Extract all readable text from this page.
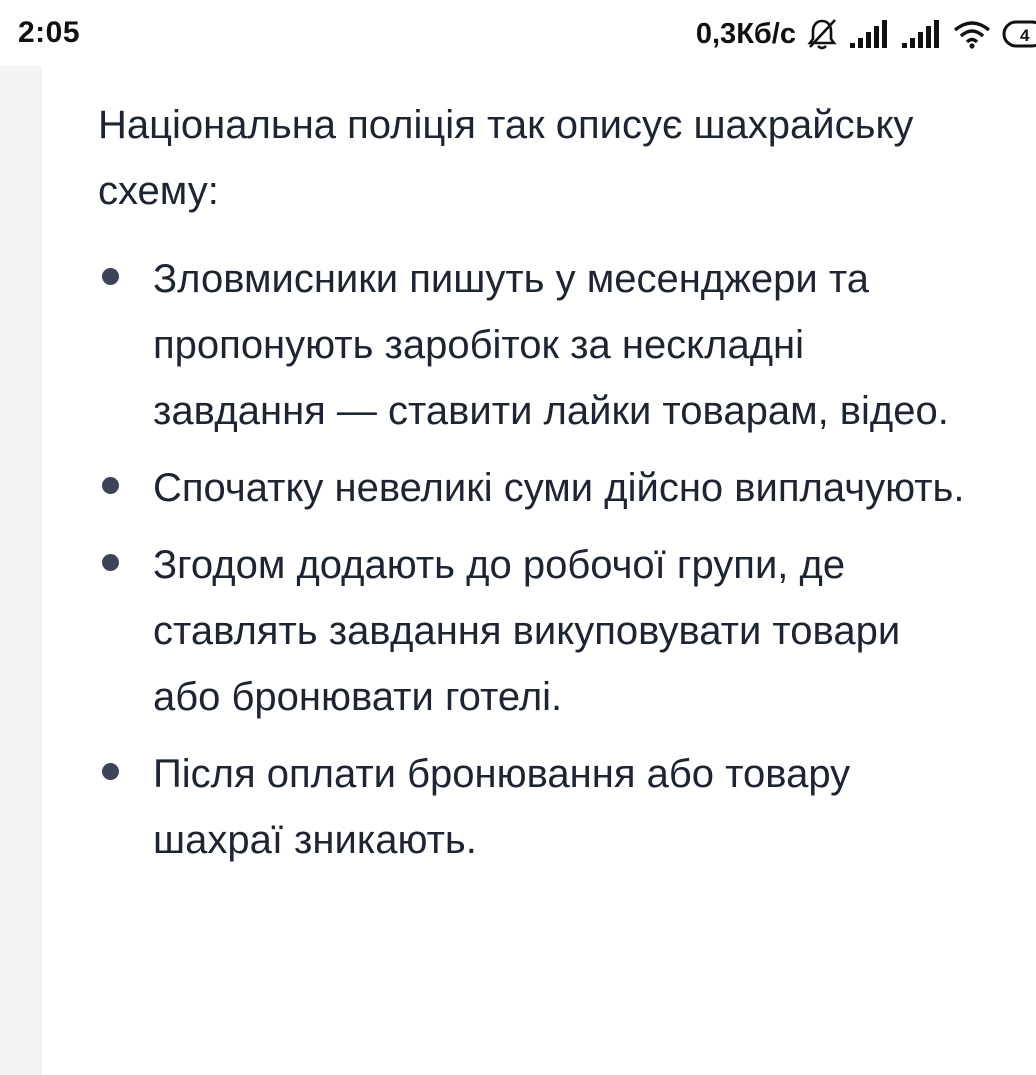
2:05	0,3Кб/с	4

Національна поліція так описує шахрайську схему:

Зловмисники пишуть у месенджери та пропонують заробіток за нескладні завдання — ставити лайки товарам, відео.
Спочатку невеликі суми дійсно виплачують.
Згодом додають до робочої групи, де ставлять завдання викуповувати товари або бронювати готелі.
Після оплати бронювання або товару шахраї зникають.
